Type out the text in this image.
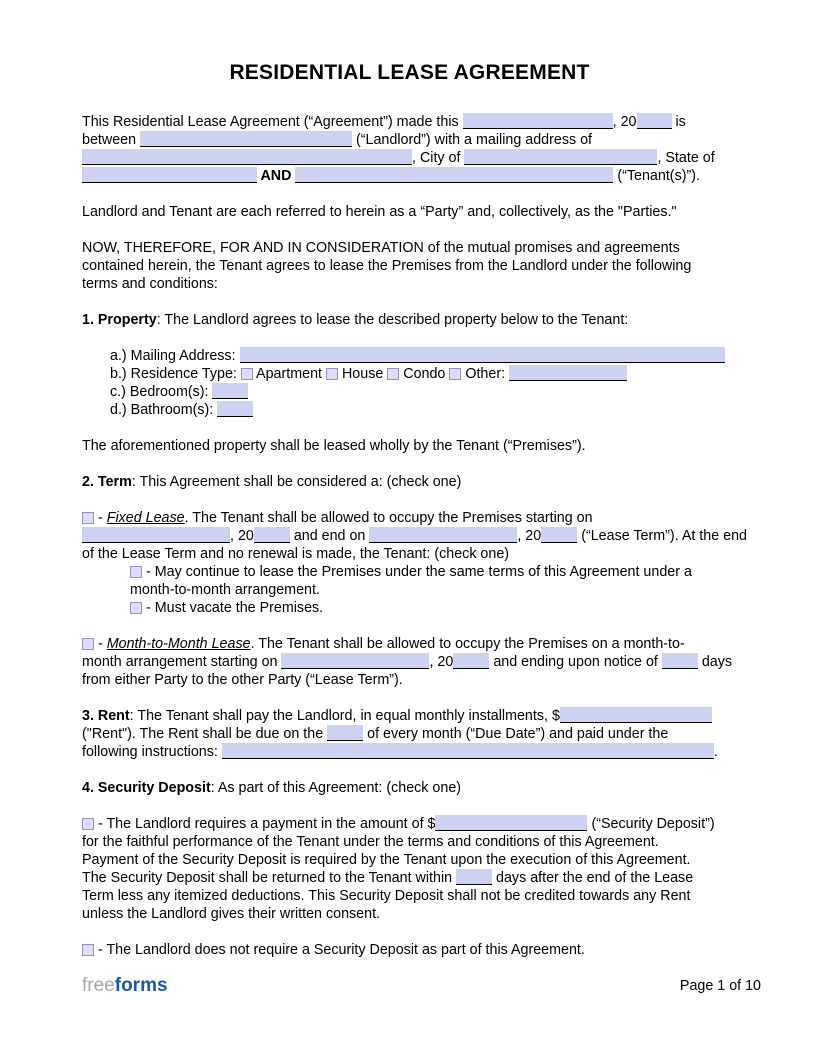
RESIDENTIAL LEASE AGREEMENT
This Residential Lease Agreement (“Agreement”) made this	, 20 is
between	(“Landlord”) with a mailing address of
, City of	, State of
AND	(“Tenant(s)”).
Landlord and Tenant are each referred to herein as a “Party” and, collectively, as the "Parties."
NOW, THEREFORE, FOR AND IN CONSIDERATION of the mutual promises and agreements
contained herein, the Tenant agrees to lease the Premises from the Landlord under the following
terms and conditions:
1. Property: The Landlord agrees to lease the described property below to the Tenant:
a.) Mailing Address:
b.) Residence Type:  Apartment  House  Condo  Other:
c.) Bedroom(s):
d.) Bathroom(s):
The aforementioned property shall be leased wholly by the Tenant (“Premises”).
2. Term: This Agreement shall be considered a: (check one)
- Fixed Lease. The Tenant shall be allowed to occupy the Premises starting on
, 20	and end on	, 20	(“Lease Term”). At the end
of the Lease Term and no renewal is made, the Tenant: (check one)
- May continue to lease the Premises under the same terms of this Agreement under a
month-to-month arrangement.
- Must vacate the Premises.
- Month-to-Month Lease. The Tenant shall be allowed to occupy the Premises on a month-to-
month arrangement starting on	, 20	and ending upon notice of	days
from either Party to the other Party (“Lease Term”).
3. Rent: The Tenant shall pay the Landlord, in equal monthly installments, $
("Rent"). The Rent shall be due on the	of every month (“Due Date”) and paid under the
following instructions:	.
4. Security Deposit: As part of this Agreement: (check one)
- The Landlord requires a payment in the amount of $	(“Security Deposit”)
for the faithful performance of the Tenant under the terms and conditions of this Agreement.
Payment of the Security Deposit is required by the Tenant upon the execution of this Agreement.
The Security Deposit shall be returned to the Tenant within	days after the end of the Lease
Term less any itemized deductions. This Security Deposit shall not be credited towards any Rent
unless the Landlord gives their written consent.
- The Landlord does not require a Security Deposit as part of this Agreement.
freeforms	Page 1 of 10
